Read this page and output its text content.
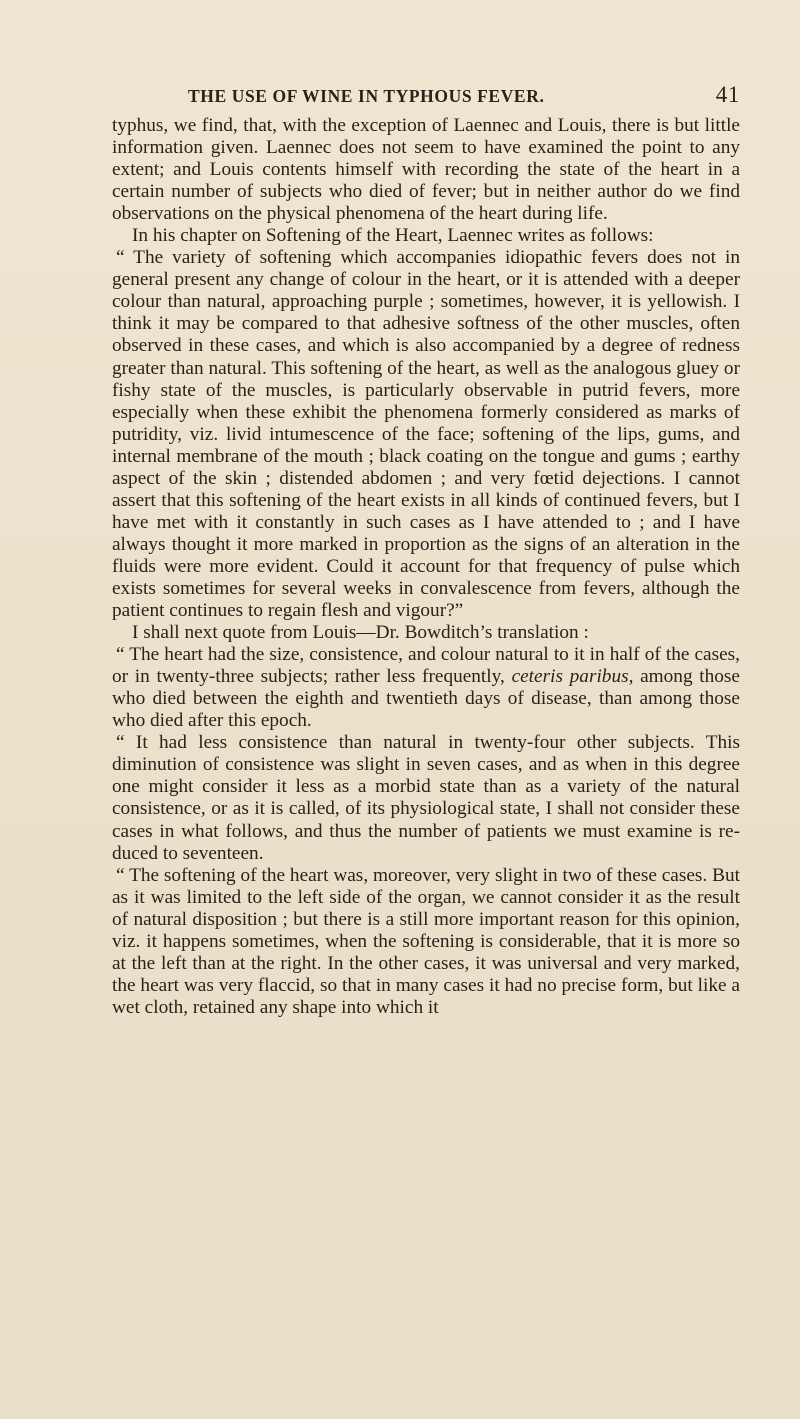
THE USE OF WINE IN TYPHOUS FEVER.	41

typhus, we find, that, with the exception of Laennec and Louis, there is but little information given. Laennec does not seem to have examined the point to any extent; and Louis contents himself with recording the state of the heart in a certain number of subjects who died of fever; but in neither author do we find observations on the physical phenomena of the heart during life.

In his chapter on Softening of the Heart, Laennec writes as follows:

“ The variety of softening which accompanies idiopathic fevers does not in general present any change of colour in the heart, or it is attended with a deeper colour than natural, approaching purple ; sometimes, however, it is yellowish. I think it may be compared to that adhesive softness of the other muscles, often observed in these cases, and which is also accompanied by a degree of redness greater than natural. This softening of the heart, as well as the analogous gluey or fishy state of the muscles, is particularly observable in putrid fevers, more especially when these exhibit the phenomena formerly considered as marks of putridity, viz. livid intumescence of the face; softening of the lips, gums, and internal membrane of the mouth ; black coating on the tongue and gums ; earthy aspect of the skin ; distended abdomen ; and very fœtid dejections. I cannot assert that this softening of the heart exists in all kinds of continued fevers, but I have met with it constantly in such cases as I have attended to ; and I have always thought it more marked in proportion as the signs of an alteration in the fluids were more evident. Could it account for that frequency of pulse which exists sometimes for several weeks in convalescence from fevers, although the patient continues to regain flesh and vigour?”

I shall next quote from Louis—Dr. Bowditch’s translation :

“ The heart had the size, consistence, and colour natural to it in half of the cases, or in twenty-three subjects; rather less frequently, ceteris paribus, among those who died between the eighth and twentieth days of disease, than among those who died after this epoch.

“ It had less consistence than natural in twenty-four other subjects. This diminution of consistence was slight in seven cases, and as when in this degree one might consider it less as a morbid state than as a variety of the natural consistence, or as it is called, of its physiological state, I shall not consider these cases in what follows, and thus the number of patients we must examine is reduced to seventeen.

“ The softening of the heart was, moreover, very slight in two of these cases. But as it was limited to the left side of the organ, we cannot consider it as the result of natural disposition ; but there is a still more important reason for this opinion, viz. it happens sometimes, when the softening is considerable, that it is more so at the left than at the right. In the other cases, it was universal and very marked, the heart was very flaccid, so that in many cases it had no precise form, but like a wet cloth, retained any shape into which it
